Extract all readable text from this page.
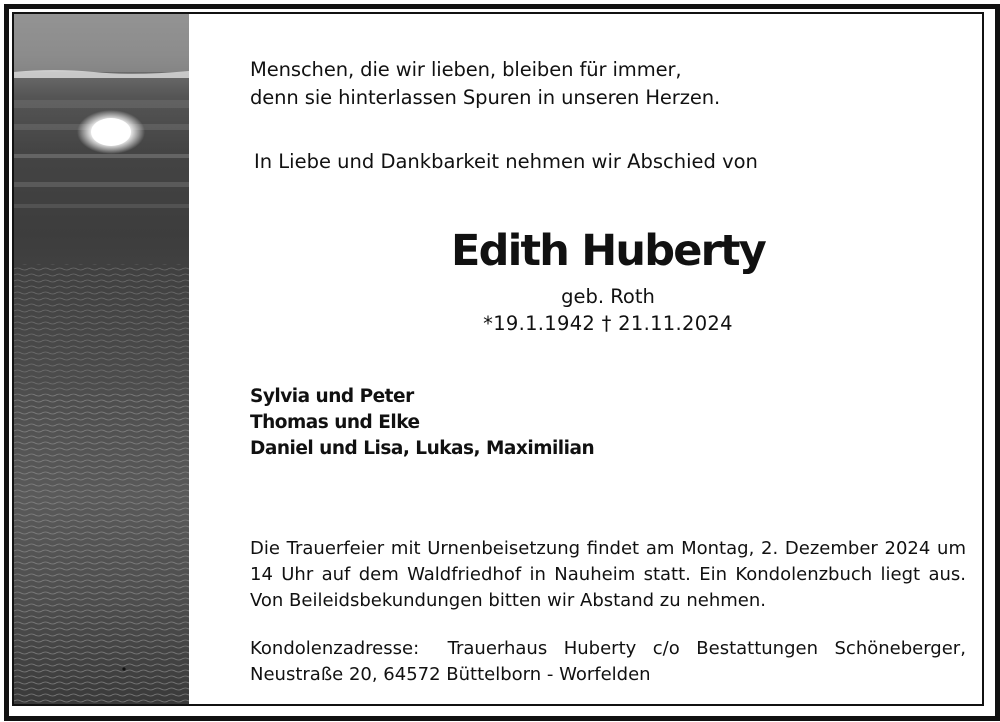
Menschen, die wir lieben, bleiben für immer,
denn sie hinterlassen Spuren in unseren Herzen.
In Liebe und Dankbarkeit nehmen wir Abschied von
Edith Huberty
geb. Roth
*19.1.1942 † 21.11.2024
Sylvia und Peter
Thomas und Elke
Daniel und Lisa, Lukas, Maximilian
Die Trauerfeier mit Urnenbeisetzung findet am Montag, 2. Dezember 2024 um 14 Uhr auf dem Waldfriedhof in Nauheim statt. Ein Kondolenzbuch liegt aus. Von Beileidsbekundungen bitten wir Abstand zu nehmen.
Kondolenzadresse: Trauerhaus Huberty c/o Bestattungen Schöneberger,
Neustraße 20, 64572 Büttelborn - Worfelden
